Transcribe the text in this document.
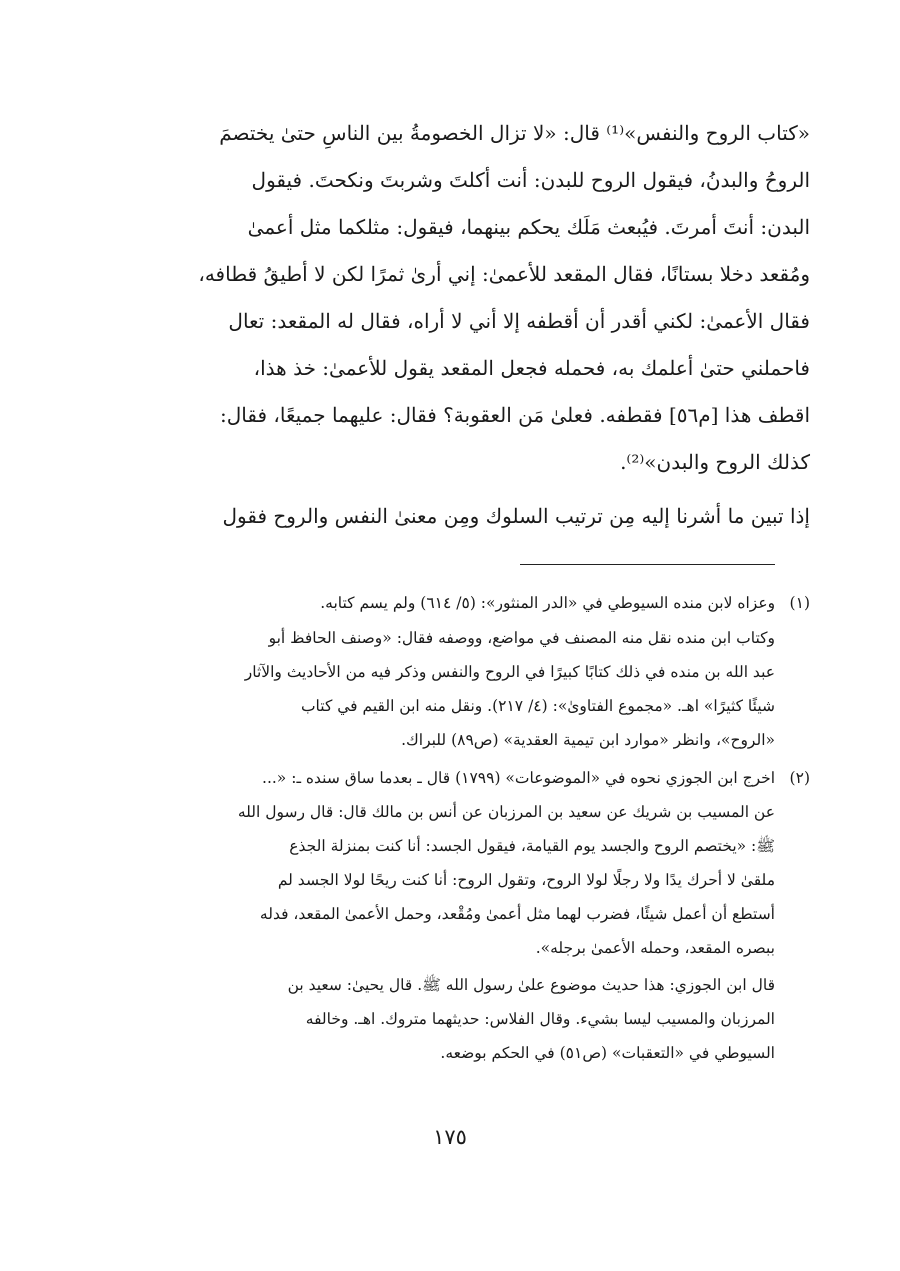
«كتاب الروح والنفس»⁽¹⁾ قال: «لا تزال الخصومةُ بين الناسِ حتىٰ يختصمَ
الروحُ والبدنُ، فيقول الروح للبدن: أنت أكلتَ وشربتَ ونكحتَ. فيقول
البدن: أنتَ أمرتَ. فيُبعث مَلَك يحكم بينهما، فيقول: مثلكما مثل أعمىٰ
ومُقعد دخلا بستانًا، فقال المقعد للأعمىٰ: إني أرىٰ ثمرًا لكن لا أطيقُ قطافه،
فقال الأعمىٰ: لكني أقدر أن أقطفه إلا أني لا أراه، فقال له المقعد: تعال
فاحملني حتىٰ أعلمك به، فحمله فجعل المقعد يقول للأعمىٰ: خذ هذا،
اقطف هذا [م٥٦] فقطفه. فعلىٰ مَن العقوبة؟ فقال: عليهما جميعًا، فقال:
كذلك الروح والبدن»⁽²⁾.
إذا تبين ما أشرنا إليه مِن ترتيب السلوك ومِن معنىٰ النفس والروح فقول
(١) وعزاه لابن منده السيوطي في «الدر المنثور»: (٥/ ٦١٤) ولم يسم كتابه.
وكتاب ابن منده نقل منه المصنف في مواضع، ووصفه فقال: «وصنف الحافظ أبو
عبد الله بن منده في ذلك كتابًا كبيرًا في الروح والنفس وذكر فيه من الأحاديث والآثار
شيئًا كثيرًا» اهـ. «مجموع الفتاوىٰ»: (٤/ ٢١٧). ونقل منه ابن القيم في كتاب
«الروح»، وانظر «موارد ابن تيمية العقدية» (ص٨٩) للبراك.
(٢) اخرج ابن الجوزي نحوه في «الموضوعات» (١٧٩٩) قال ـ بعدما ساق سنده ـ: «...
عن المسيب بن شريك عن سعيد بن المرزبان عن أنس بن مالك قال: قال رسول الله
ﷺ: «يختصم الروح والجسد يوم القيامة، فيقول الجسد: أنا كنت بمنزلة الجذع
ملقىٰ لا أحرك يدًا ولا رجلًا لولا الروح، وتقول الروح: أنا كنت ريحًا لولا الجسد لم
أستطع أن أعمل شيئًا، فضرب لهما مثل أعمىٰ ومُقْعد، وحمل الأعمىٰ المقعد، فدله
ببصره المقعد، وحمله الأعمىٰ برجله».
قال ابن الجوزي: هذا حديث موضوع علىٰ رسول الله ﷺ. قال يحيىٰ: سعيد بن
المرزبان والمسيب ليسا بشيء. وقال الفلاس: حديثهما متروك. اهـ. وخالفه
السيوطي في «التعقبات» (ص٥١) في الحكم بوضعه.
١٧٥
